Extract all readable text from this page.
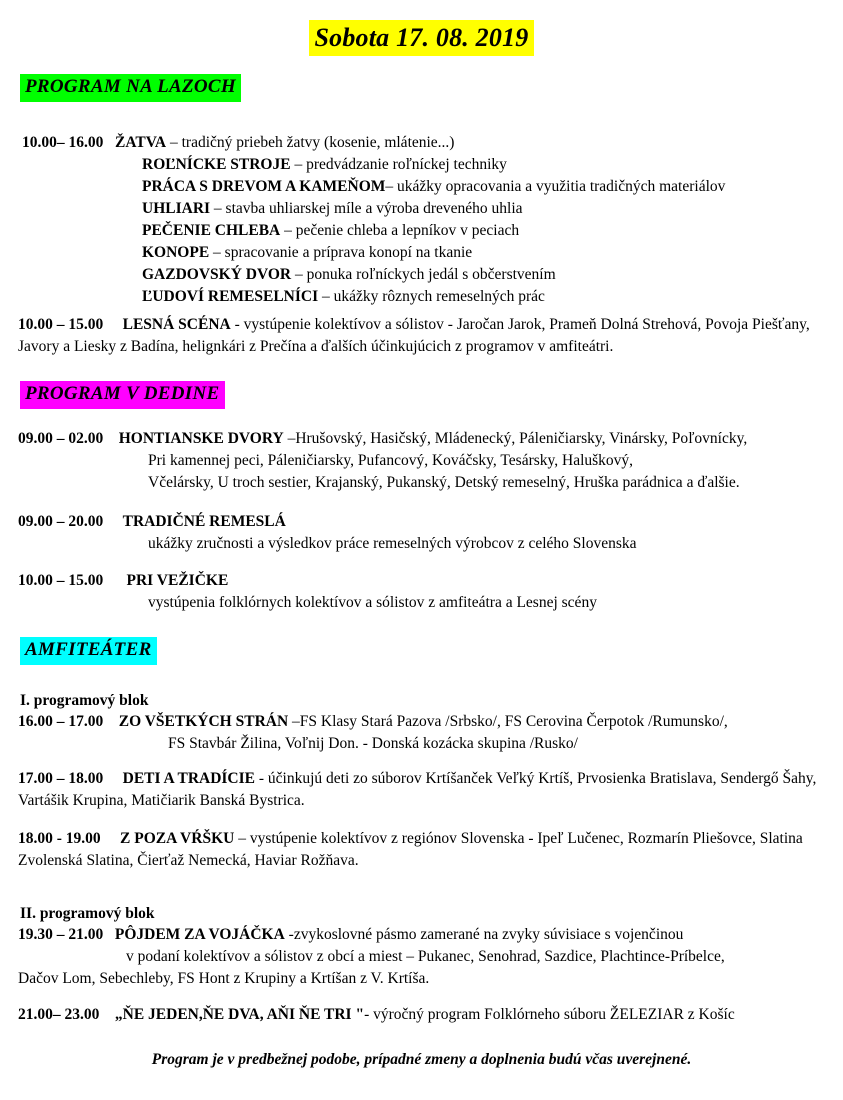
Sobota 17. 08. 2019
PROGRAM NA LAZOCH
10.00– 16.00 ŽATVA – tradičný priebeh žatvy (kosenie, mlátenie...)
ROĽNÍCKE STROJE – predvádzanie roľníckej techniky
PRÁCA S DREVOM A KAMEŇOM– ukážky opracovania a využitia tradičných materiálov
UHLIARI – stavba uhliarskej míle a výroba dreveného uhlia
PEČENIE CHLEBA – pečenie chleba a lepníkov v peciach
KONOPE – spracovanie a príprava konopí na tkanie
GAZDOVSKÝ DVOR – ponuka roľníckych jedál s občerstvením
ĽUDOVÍ REMESELNÍCI – ukážky rôznych remeselných prác
10.00 – 15.00 LESNÁ SCÉNA - vystúpenie kolektívov a sólistov - Jaročan Jarok, Prameň Dolná Strehová, Povoja Piešťany, Javory a Liesky z Badína, helignkári z Prečína a ďalších účinkujúcich z programov v amfiteátri.
PROGRAM V DEDINE
09.00 – 02.00 HONTIANSKE DVORY –Hrušovský, Hasičský, Mládenecký, Páleničiarsky, Vinársky, Poľovnícky,
Pri kamennej peci, Páleničiarsky, Pufancový, Kováčsky, Tesársky, Haluškový,
Včelársky, U troch sestier, Krajanský, Pukanský, Detský remeselný, Hruška parádnica a ďalšie.
09.00 – 20.00 TRADIČNÉ REMESLÁ
ukážky zručnosti a výsledkov práce remeselných výrobcov z celého Slovenska
10.00 – 15.00 PRI VEŽIČKE
vystúpenia folklórnych kolektívov a sólistov z amfiteátra a Lesnej scény
AMFITEÁTER
I. programový blok
16.00 – 17.00 ZO VŠETKÝCH STRÁN –FS Klasy Stará Pazova /Srbsko/, FS Cerovina Čerpotok /Rumunsko/,
FS Stavbár Žilina, Voľnij Don. - Donská kozácka skupina /Rusko/
17.00 – 18.00 DETI A TRADÍCIE - účinkujú deti zo súborov Krtíšanček Veľký Krtíš, Prvosienka Bratislava, Sendergő Šahy, Vartášik Krupina, Matičiarik Banská Bystrica.
18.00 - 19.00 Z POZA VŔŠKU – vystúpenie kolektívov z regiónov Slovenska - Ipeľ Lučenec, Rozmarín Pliešovce, Slatina Zvolenská Slatina, Čierťaž Nemecká, Haviar Rožňava.
II. programový blok
19.30 – 21.00 PÔJDEM ZA VOJÁČKA -zvykoslovné pásmo zamerané na zvyky súvisiace s vojenčinou
v podaní kolektívov a sólistov z obcí a miest – Pukanec, Senohrad, Sazdice, Plachtince-Príbelce,
Dačov Lom, Sebechleby, FS Hont z Krupiny a Krtíšan z V. Krtíša.
21.00– 23.00 „ŇE JEDEN,ŇE DVA, AŇI ŇE TRI "- výročný program Folklórneho súboru ŽELEZIAR z Košíc
Program je v predbežnej podobe, prípadné zmeny a doplnenia budú včas uverejnené.
